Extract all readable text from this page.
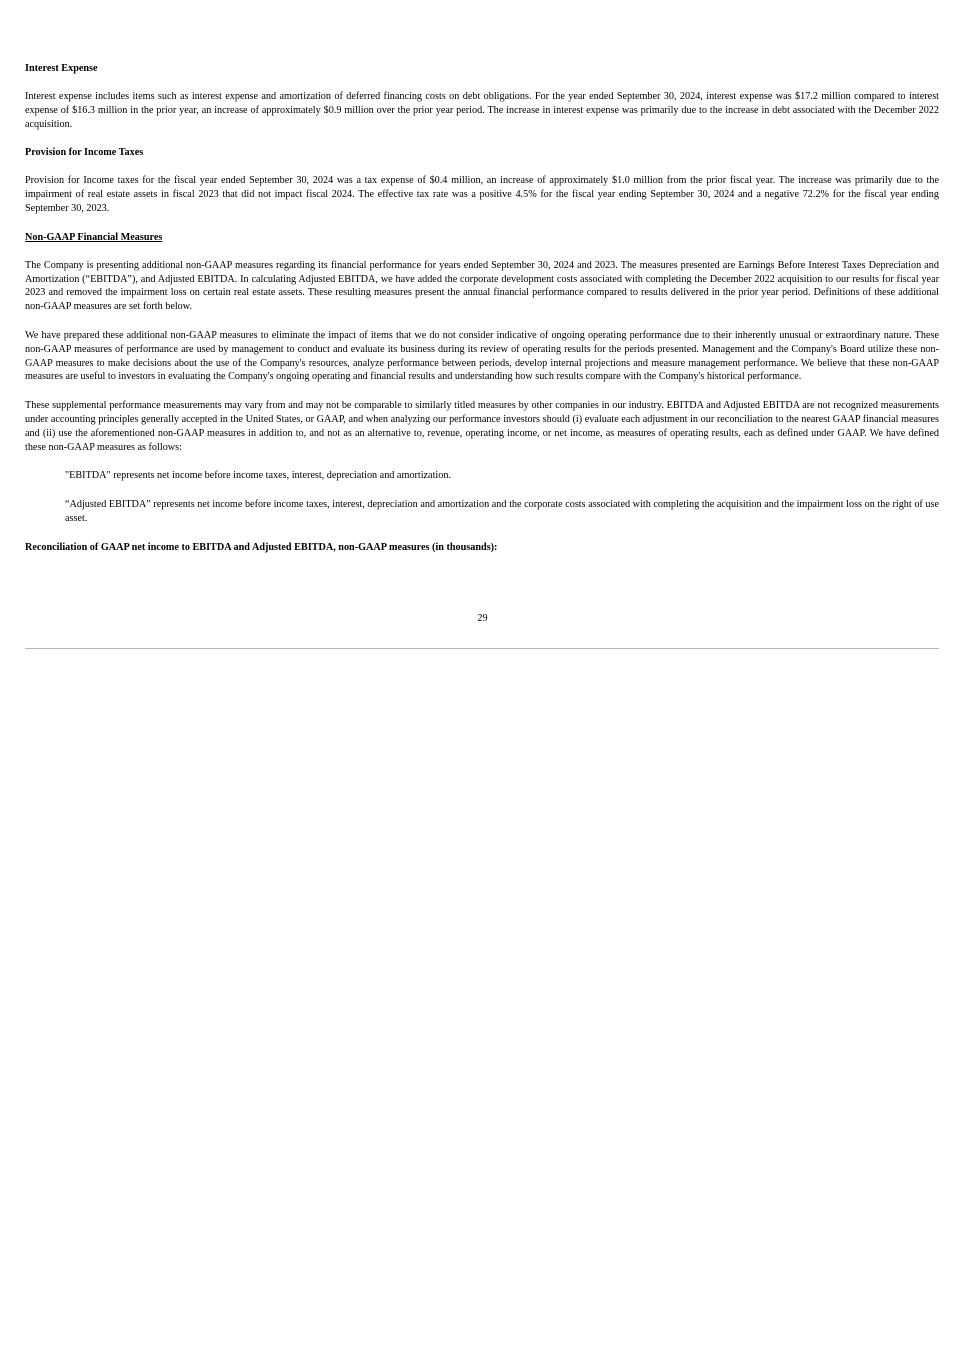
Interest Expense

Interest expense includes items such as interest expense and amortization of deferred financing costs on debt obligations. For the year ended September 30, 2024, interest expense was $17.2 million compared to interest expense of $16.3 million in the prior year, an increase of approximately $0.9 million over the prior year period. The increase in interest expense was primarily due to the increase in debt associated with the December 2022 acquisition.

Provision for Income Taxes

Provision for Income taxes for the fiscal year ended September 30, 2024 was a tax expense of $0.4 million, an increase of approximately $1.0 million from the prior fiscal year. The increase was primarily due to the impairment of real estate assets in fiscal 2023 that did not impact fiscal 2024. The effective tax rate was a positive 4.5% for the fiscal year ending September 30, 2024 and a negative 72.2% for the fiscal year ending September 30, 2023.

Non-GAAP Financial Measures

The Company is presenting additional non-GAAP measures regarding its financial performance for years ended September 30, 2024 and 2023. The measures presented are Earnings Before Interest Taxes Depreciation and Amortization (“EBITDA”), and Adjusted EBITDA. In calculating Adjusted EBITDA, we have added the corporate development costs associated with completing the December 2022 acquisition to our results for fiscal year 2023 and removed the impairment loss on certain real estate assets. These resulting measures present the annual financial performance compared to results delivered in the prior year period. Definitions of these additional non-GAAP measures are set forth below.

We have prepared these additional non-GAAP measures to eliminate the impact of items that we do not consider indicative of ongoing operating performance due to their inherently unusual or extraordinary nature. These non-GAAP measures of performance are used by management to conduct and evaluate its business during its review of operating results for the periods presented. Management and the Company's Board utilize these non-GAAP measures to make decisions about the use of the Company's resources, analyze performance between periods, develop internal projections and measure management performance. We believe that these non-GAAP measures are useful to investors in evaluating the Company's ongoing operating and financial results and understanding how such results compare with the Company's historical performance.

These supplemental performance measurements may vary from and may not be comparable to similarly titled measures by other companies in our industry. EBITDA and Adjusted EBITDA are not recognized measurements under accounting principles generally accepted in the United States, or GAAP, and when analyzing our performance investors should (i) evaluate each adjustment in our reconciliation to the nearest GAAP financial measures and (ii) use the aforementioned non-GAAP measures in addition to, and not as an alternative to, revenue, operating income, or net income, as measures of operating results, each as defined under GAAP. We have defined these non-GAAP measures as follows:

"EBITDA" represents net income before income taxes, interest, depreciation and amortization.

“Adjusted EBITDA” represents net income before income taxes, interest, depreciation and amortization and the corporate costs associated with completing the acquisition and the impairment loss on the right of use asset.

Reconciliation of GAAP net income to EBITDA and Adjusted EBITDA, non-GAAP measures (in thousands):

29
